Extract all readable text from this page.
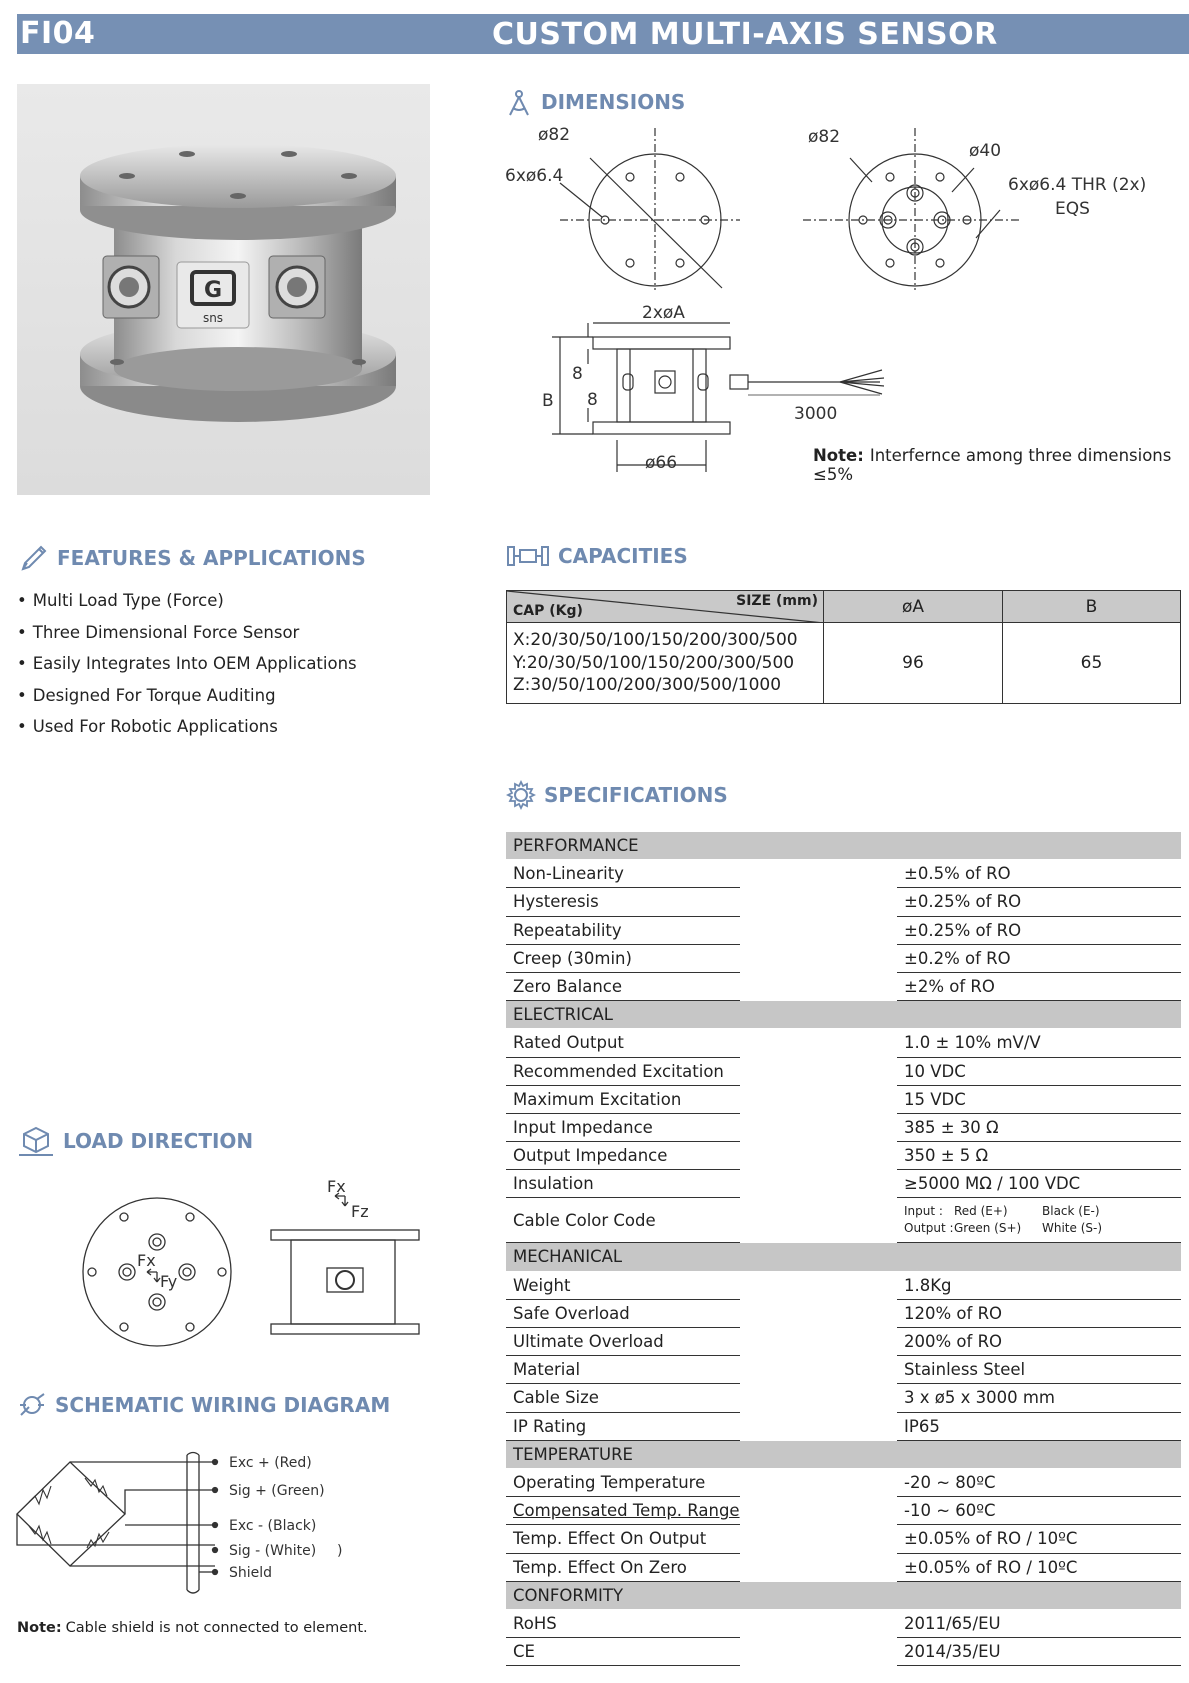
FI04	CUSTOM MULTI-AXIS SENSOR
G
sns
DIMENSIONS
ø82
6xø6.4
ø82
ø40
6xø6.4 THR (2x)
EQS
2xøA
8
8
B
ø66
3000
Note: Interfernce among three dimensions ≤5%
FEATURES & APPLICATIONS
• Multi Load Type (Force)
• Three Dimensional Force Sensor
• Easily Integrates Into OEM Applications
• Designed For Torque Auditing
• Used For Robotic Applications
CAPACITIES
SIZE (mm)
CAP (Kg)	øA	B

X:20/30/50/100/150/200/300/500
Y:20/30/50/100/150/200/300/500
Z:30/50/100/200/300/500/1000	96	65
SPECIFICATIONS
PERFORMANCE
Non-Linearity	±0.5% of RO
Hysteresis	±0.25% of RO
Repeatability	±0.25% of RO
Creep (30min)	±0.2% of RO
Zero Balance	±2% of RO
ELECTRICAL
Rated Output	1.0 ± 10% mV/V
Recommended Excitation	10 VDC
Maximum Excitation	15 VDC
Input Impedance	385 ± 30 Ω
Output Impedance	350 ± 5 Ω
Insulation	≥5000 MΩ / 100 VDC
Cable Color Code	Input : Red (E+)	Black (E-)
Output :Green (S+) White (S-)
MECHANICAL
Weight	1.8Kg
Safe Overload	120% of RO
Ultimate Overload	200% of RO
Material	Stainless Steel
Cable Size	3 x ø5 x 3000 mm
IP Rating	IP65
TEMPERATURE
Operating Temperature	-20 ~ 80ºC
Compensated Temp. Range	-10 ~ 60ºC
Temp. Effect On Output	±0.05% of RO / 10ºC
Temp. Effect On Zero	±0.05% of RO / 10ºC
CONFORMITY
RoHS	2011/65/EU
CE	2014/35/EU
LOAD DIRECTION
Fx
Fy
Fx
Fz
SCHEMATIC WIRING DIAGRAM
Exc + (Red)
Sig + (Green)
Exc - (Black)
Sig - (White) )
Shield
Note: Cable shield is not connected to element.
